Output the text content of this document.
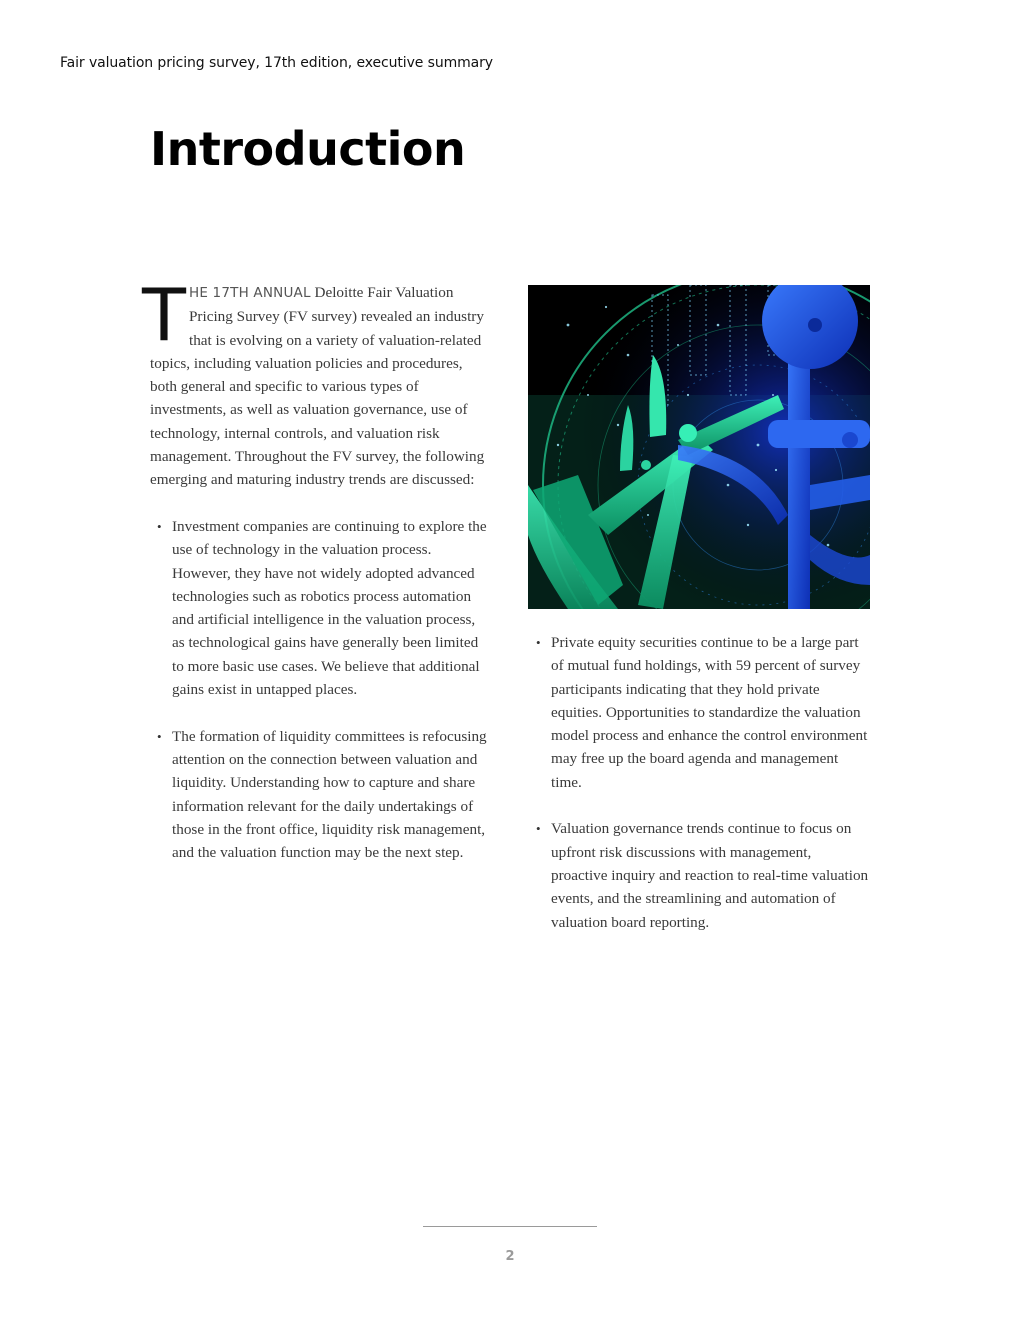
Fair valuation pricing survey, 17th edition, executive summary
Introduction

THE 17TH ANNUAL Deloitte Fair Valuation Pricing Survey (FV survey) revealed an industry that is evolving on a variety of valuation-related topics, including valuation policies and procedures, both general and specific to various types of investments, as well as valuation governance, use of technology, internal controls, and valuation risk management. Throughout the FV survey, the following emerging and maturing industry trends are discussed:

• Investment companies are continuing to explore the use of technology in the valuation process. However, they have not widely adopted advanced technologies such as robotics process automation and artificial intelligence in the valuation process, as technological gains have generally been limited to more basic use cases. We believe that additional gains exist in untapped places.
• The formation of liquidity committees is refocusing attention on the connection between valuation and liquidity. Understanding how to capture and share information relevant for the daily undertakings of those in the front office, liquidity risk management, and the valuation function may be the next step.
• Private equity securities continue to be a large part of mutual fund holdings, with 59 percent of survey participants indicating that they hold private equities. Opportunities to standardize the valuation model process and enhance the control environment may free up the board agenda and management time.
• Valuation governance trends continue to focus on upfront risk discussions with management, proactive inquiry and reaction to real-time valuation events, and the streamlining and automation of valuation board reporting.
2
